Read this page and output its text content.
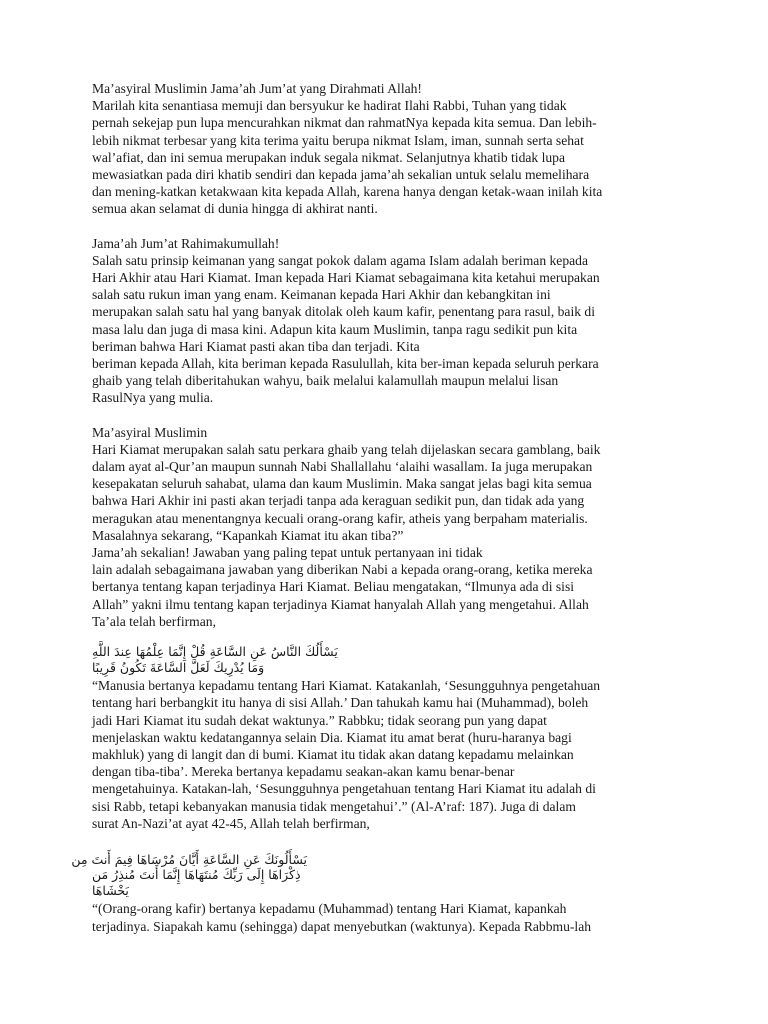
Ma’asyiral Muslimin Jama’ah Jum’at yang Dirahmati Allah!
Marilah kita senantiasa memuji dan bersyukur ke hadirat Ilahi Rabbi, Tuhan yang tidak
pernah sekejap pun lupa mencurahkan nikmat dan rahmatNya kepada kita semua. Dan lebih-
lebih nikmat terbesar yang kita terima yaitu berupa nikmat Islam, iman, sunnah serta sehat
wal’afiat, dan ini semua merupakan induk segala nikmat. Selanjutnya khatib tidak lupa
mewasiatkan pada diri khatib sendiri dan kepada jama’ah sekalian untuk selalu memelihara
dan mening-katkan ketakwaan kita kepada Allah, karena hanya dengan ketak-waan inilah kita
semua akan selamat di dunia hingga di akhirat nanti.
Jama’ah Jum’at Rahimakumullah!
Salah satu prinsip keimanan yang sangat pokok dalam agama Islam adalah beriman kepada
Hari Akhir atau Hari Kiamat. Iman kepada Hari Kiamat sebagaimana kita ketahui merupakan
salah satu rukun iman yang enam. Keimanan kepada Hari Akhir dan kebangkitan ini
merupakan salah satu hal yang banyak ditolak oleh kaum kafir, penentang para rasul, baik di
masa lalu dan juga di masa kini. Adapun kita kaum Muslimin, tanpa ragu sedikit pun kita
beriman bahwa Hari Kiamat pasti akan tiba dan terjadi. Kita
beriman kepada Allah, kita beriman kepada Rasulullah, kita ber-iman kepada seluruh perkara
ghaib yang telah diberitahukan wahyu, baik melalui kalamullah maupun melalui lisan
RasulNya yang mulia.
Ma’asyiral Muslimin
Hari Kiamat merupakan salah satu perkara ghaib yang telah dijelaskan secara gamblang, baik
dalam ayat al-Qur’an maupun sunnah Nabi Shallallahu ‘alaihi wasallam. Ia juga merupakan
kesepakatan seluruh sahabat, ulama dan kaum Muslimin. Maka sangat jelas bagi kita semua
bahwa Hari Akhir ini pasti akan terjadi tanpa ada keraguan sedikit pun, dan tidak ada yang
meragukan atau menentangnya kecuali orang-orang kafir, atheis yang berpaham materialis.
Masalahnya sekarang, “Kapankah Kiamat itu akan tiba?”
Jama’ah sekalian! Jawaban yang paling tepat untuk pertanyaan ini tidak
lain adalah sebagaimana jawaban yang diberikan Nabi a kepada orang-orang, ketika mereka
bertanya tentang kapan terjadinya Hari Kiamat. Beliau mengatakan, “Ilmunya ada di sisi
Allah” yakni ilmu tentang kapan terjadinya Kiamat hanyalah Allah yang mengetahui. Allah
Ta’ala telah berfirman,
يَسْأَلُكَ النَّاسُ عَنِ السَّاعَةِ قُلْ إِنَّمَا عِلْمُهَا عِندَ اللَّهِ
وَمَا يُدْرِيكَ لَعَلَّ السَّاعَةَ تَكُونُ قَرِيبًا
“Manusia bertanya kepadamu tentang Hari Kiamat. Katakanlah, ‘Sesungguhnya pengetahuan
tentang hari berbangkit itu hanya di sisi Allah.’ Dan tahukah kamu hai (Muhammad), boleh
jadi Hari Kiamat itu sudah dekat waktunya.” Rabbku; tidak seorang pun yang dapat
menjelaskan waktu kedatangannya selain Dia. Kiamat itu amat berat (huru-haranya bagi
makhluk) yang di langit dan di bumi. Kiamat itu tidak akan datang kepadamu melainkan
dengan tiba-tiba’. Mereka bertanya kepadamu seakan-akan kamu benar-benar
mengetahuinya. Katakan-lah, ‘Sesungguhnya pengetahuan tentang Hari Kiamat itu adalah di
sisi Rabb, tetapi kebanyakan manusia tidak mengetahui’.” (Al-A’raf: 187). Juga di dalam
surat An-Nazi’at ayat 42-45, Allah telah berfirman,
يَسْأَلُونَكَ عَنِ السَّاعَةِ أَيَّانَ مُرْسَاهَا فِيمَ أَنتَ مِن
ذِكْرَاهَا إِلَى رَبِّكَ مُنتَهَاهَا إِنَّمَا أَنتَ مُنذِرُ مَن
يَخْشَاهَا
“(Orang-orang kafir) bertanya kepadamu (Muhammad) tentang Hari Kiamat, kapankah
terjadinya. Siapakah kamu (sehingga) dapat menyebutkan (waktunya). Kepada Rabbmu-lah
